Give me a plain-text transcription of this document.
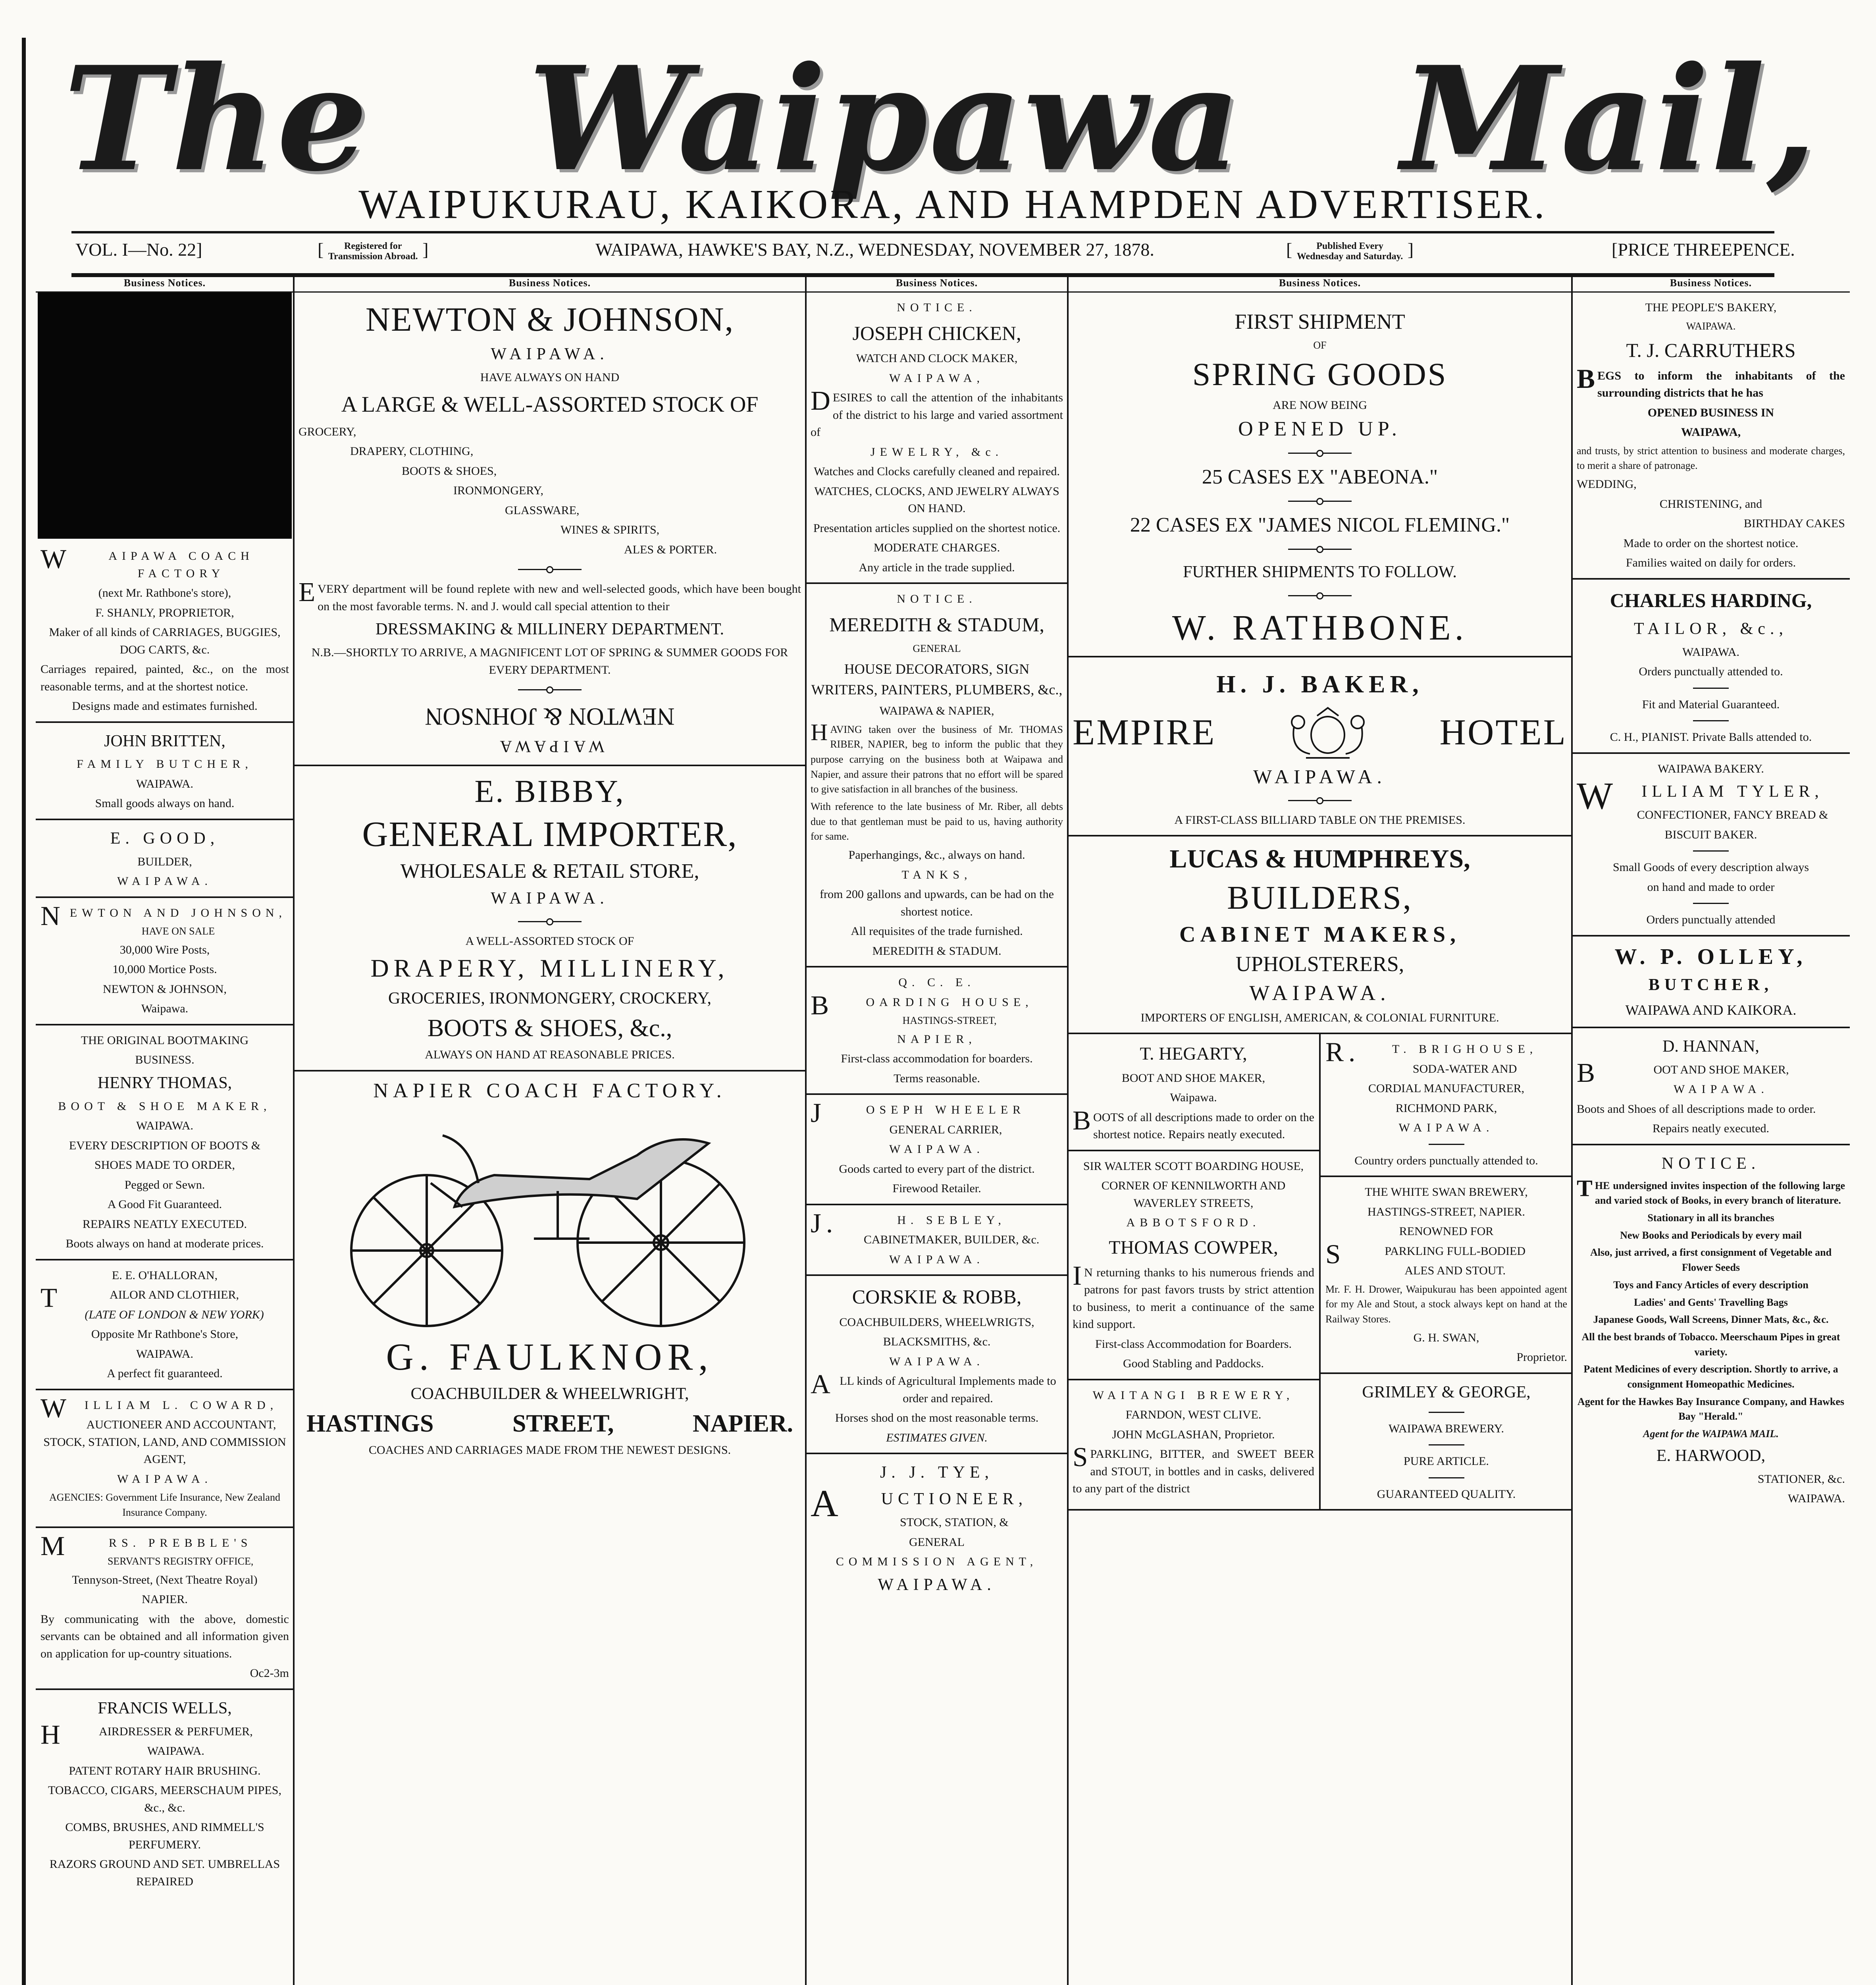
The Waipawa Mail,
WAIPUKURAU, KAIKORA, AND HAMPDEN ADVERTISER.
VOL. I—No. 22]	[ Registered for
Transmission Abroad. ]	WAIPAWA, HAWKE'S BAY, N.Z., WEDNESDAY, NOVEMBER 27, 1878.	[ Published Every
Wednesday and Saturday. ]	[PRICE THREEPENCE.
Business Notices.

WAIPAWA COACH FACTORY

(next Mr. Rathbone's store),

F. SHANLY, PROPRIETOR,

Maker of all kinds of CARRIAGES, BUGGIES, DOG CARTS, &c.

Carriages repaired, painted, &c., on the most reasonable terms, and at the shortest notice.

Designs made and estimates furnished.

JOHN BRITTEN,

FAMILY BUTCHER,

WAIPAWA.

Small goods always on hand.

E. GOOD,

BUILDER,

WAIPAWA.

NEWTON AND JOHNSON,

HAVE ON SALE

30,000 Wire Posts,

10,000 Mortice Posts.

NEWTON & JOHNSON,

Waipawa.

THE ORIGINAL BOOTMAKING

BUSINESS.

HENRY THOMAS,

BOOT & SHOE MAKER,

WAIPAWA.

EVERY DESCRIPTION OF BOOTS &

SHOES MADE TO ORDER,

Pegged or Sewn.

A Good Fit Guaranteed.

REPAIRS NEATLY EXECUTED.

Boots always on hand at moderate prices.

E. E. O'HALLORAN,

TAILOR AND CLOTHIER,

(LATE OF LONDON & NEW YORK)

Opposite Mr Rathbone's Store,

WAIPAWA.

A perfect fit guaranteed.

WILLIAM L. COWARD,

AUCTIONEER AND ACCOUNTANT, STOCK, STATION, LAND, AND COMMISSION AGENT,

WAIPAWA.

AGENCIES: Government Life Insurance, New Zealand Insurance Company.

MRS. PREBBLE'S

SERVANT'S REGISTRY OFFICE,

Tennyson-Street, (Next Theatre Royal)

NAPIER.

By communicating with the above, domestic servants can be obtained and all information given on application for up-country situations.

Oc2-3m

FRANCIS WELLS,

HAIRDRESSER & PERFUMER,

WAIPAWA.

PATENT ROTARY HAIR BRUSHING.

TOBACCO, CIGARS, MEERSCHAUM PIPES, &c., &c.

COMBS, BRUSHES, AND RIMMELL'S PERFUMERY.

RAZORS GROUND AND SET. UMBRELLAS REPAIRED

Business Notices.

NEWTON & JOHNSON,

WAIPAWA.

HAVE ALWAYS ON HAND

A LARGE & WELL-ASSORTED STOCK OF

GROCERY,

DRAPERY, CLOTHING,

BOOTS & SHOES,

IRONMONGERY,

GLASSWARE,

WINES & SPIRITS,

ALES & PORTER.

EVERY department will be found replete with new and well-selected goods, which have been bought on the most favorable terms. N. and J. would call special attention to their

DRESSMAKING & MILLINERY DEPARTMENT.

N.B.—SHORTLY TO ARRIVE, A MAGNIFICENT LOT OF SPRING & SUMMER GOODS FOR EVERY DEPARTMENT.

WAIPAWA

NEWTON & JOHNSON

E. BIBBY,

GENERAL IMPORTER,

WHOLESALE & RETAIL STORE,

WAIPAWA.

A WELL-ASSORTED STOCK OF

DRAPERY, MILLINERY,

GROCERIES, IRONMONGERY, CROCKERY,

BOOTS & SHOES, &c.,

ALWAYS ON HAND AT REASONABLE PRICES.

NAPIER COACH FACTORY.

G. FAULKNOR,

COACHBUILDER & WHEELWRIGHT,

HASTINGS	STREET,	NAPIER.

COACHES AND CARRIAGES MADE FROM THE NEWEST DESIGNS.

Business Notices.

NOTICE.

JOSEPH CHICKEN,

WATCH AND CLOCK MAKER,

WAIPAWA,

DESIRES to call the attention of the inhabitants of the district to his large and varied assortment of

JEWELRY, &c.

Watches and Clocks carefully cleaned and repaired.

WATCHES, CLOCKS, AND JEWELRY ALWAYS ON HAND.

Presentation articles supplied on the shortest notice.

MODERATE CHARGES.

Any article in the trade supplied.

NOTICE.

MEREDITH & STADUM,

GENERAL

HOUSE DECORATORS, SIGN WRITERS, PAINTERS, PLUMBERS, &c.,

WAIPAWA & NAPIER,

HAVING taken over the business of Mr. THOMAS RIBER, NAPIER, beg to inform the public that they purpose carrying on the business both at Waipawa and Napier, and assure their patrons that no effort will be spared to give satisfaction in all branches of the business.

With reference to the late business of Mr. Riber, all debts due to that gentleman must be paid to us, having authority for same.

Paperhangings, &c., always on hand.

TANKS,

from 200 gallons and upwards, can be had on the shortest notice.

All requisites of the trade furnished.

MEREDITH & STADUM.

Q. C. E.

BOARDING HOUSE,

HASTINGS-STREET,

NAPIER,

First-class accommodation for boarders.

Terms reasonable.

JOSEPH WHEELER

GENERAL CARRIER,

WAIPAWA.

Goods carted to every part of the district.

Firewood Retailer.

J.H. SEBLEY,

CABINETMAKER, BUILDER, &c.

WAIPAWA.

CORSKIE & ROBB,

COACHBUILDERS, WHEELWRIGTS,

BLACKSMITHS, &c.

WAIPAWA.

ALL kinds of Agricultural Implements made to order and repaired.

Horses shod on the most reasonable terms.

ESTIMATES GIVEN.

J. J. TYE,

AUCTIONEER,

STOCK, STATION, &

GENERAL

COMMISSION AGENT,

WAIPAWA.

Business Notices.

FIRST SHIPMENT

OF

SPRING GOODS

ARE NOW BEING

OPENED UP.

25 CASES EX "ABEONA."

22 CASES EX "JAMES NICOL FLEMING."

FURTHER SHIPMENTS TO FOLLOW.

W. RATHBONE.

H. J. BAKER,

EMPIRE	HOTEL

WAIPAWA.

A FIRST-CLASS BILLIARD TABLE ON THE PREMISES.

LUCAS & HUMPHREYS,

BUILDERS,

CABINET MAKERS,

UPHOLSTERERS,

WAIPAWA.

IMPORTERS OF ENGLISH, AMERICAN, & COLONIAL FURNITURE.

T. HEGARTY,

BOOT AND SHOE MAKER,

Waipawa.

BOOTS of all descriptions made to order on the shortest notice. Repairs neatly executed.

SIR WALTER SCOTT BOARDING HOUSE,

CORNER OF KENNILWORTH AND WAVERLEY STREETS,

ABBOTSFORD.

THOMAS COWPER,

IN returning thanks to his numerous friends and patrons for past favors trusts by strict attention to business, to merit a continuance of the same kind support.

First-class Accommodation for Boarders.

Good Stabling and Paddocks.

WAITANGI BREWERY,

FARNDON, WEST CLIVE.

JOHN McGLASHAN, Proprietor.

SPARKLING, BITTER, and SWEET BEER and STOUT, in bottles and in casks, delivered to any part of the district

R.T. BRIGHOUSE,

SODA-WATER AND

CORDIAL MANUFACTURER,

RICHMOND PARK,

WAIPAWA.

Country orders punctually attended to.

THE WHITE SWAN BREWERY,

HASTINGS-STREET, NAPIER.

RENOWNED FOR

SPARKLING FULL-BODIED

ALES AND STOUT.

Mr. F. H. Drower, Waipukurau has been appointed agent for my Ale and Stout, a stock always kept on hand at the Railway Stores.

G. H. SWAN,

Proprietor.

GRIMLEY & GEORGE,

WAIPAWA BREWERY.

PURE ARTICLE.

GUARANTEED QUALITY.

Business Notices.

THE PEOPLE'S BAKERY,

WAIPAWA.

T. J. CARRUTHERS

BEGS to inform the inhabitants of the surrounding districts that he has

OPENED BUSINESS IN

WAIPAWA,

and trusts, by strict attention to business and moderate charges, to merit a share of patronage.

WEDDING,

CHRISTENING, and

BIRTHDAY CAKES

Made to order on the shortest notice.

Families waited on daily for orders.

CHARLES HARDING,

TAILOR, &c.,

WAIPAWA.

Orders punctually attended to.

Fit and Material Guaranteed.

C. H., PIANIST. Private Balls attended to.

WAIPAWA BAKERY.

WILLIAM TYLER,

CONFECTIONER, FANCY BREAD &

BISCUIT BAKER.

Small Goods of every description always

on hand and made to order

Orders punctually attended

W. P. OLLEY,

BUTCHER,

WAIPAWA AND KAIKORA.

D. HANNAN,

BOOT AND SHOE MAKER,

WAIPAWA.

Boots and Shoes of all descriptions made to order.

Repairs neatly executed.

NOTICE.

THE undersigned invites inspection of the following large and varied stock of Books, in every branch of literature.

Stationary in all its branches

New Books and Periodicals by every mail

Also, just arrived, a first consignment of Vegetable and Flower Seeds

Toys and Fancy Articles of every description

Ladies' and Gents' Travelling Bags

Japanese Goods, Wall Screens, Dinner Mats, &c., &c.

All the best brands of Tobacco. Meerschaum Pipes in great variety.

Patent Medicines of every description. Shortly to arrive, a consignment Homeopathic Medicines.

Agent for the Hawkes Bay Insurance Company, and Hawkes Bay "Herald."

Agent for the WAIPAWA MAIL.

E. HARWOOD,

STATIONER, &c.

WAIPAWA.
